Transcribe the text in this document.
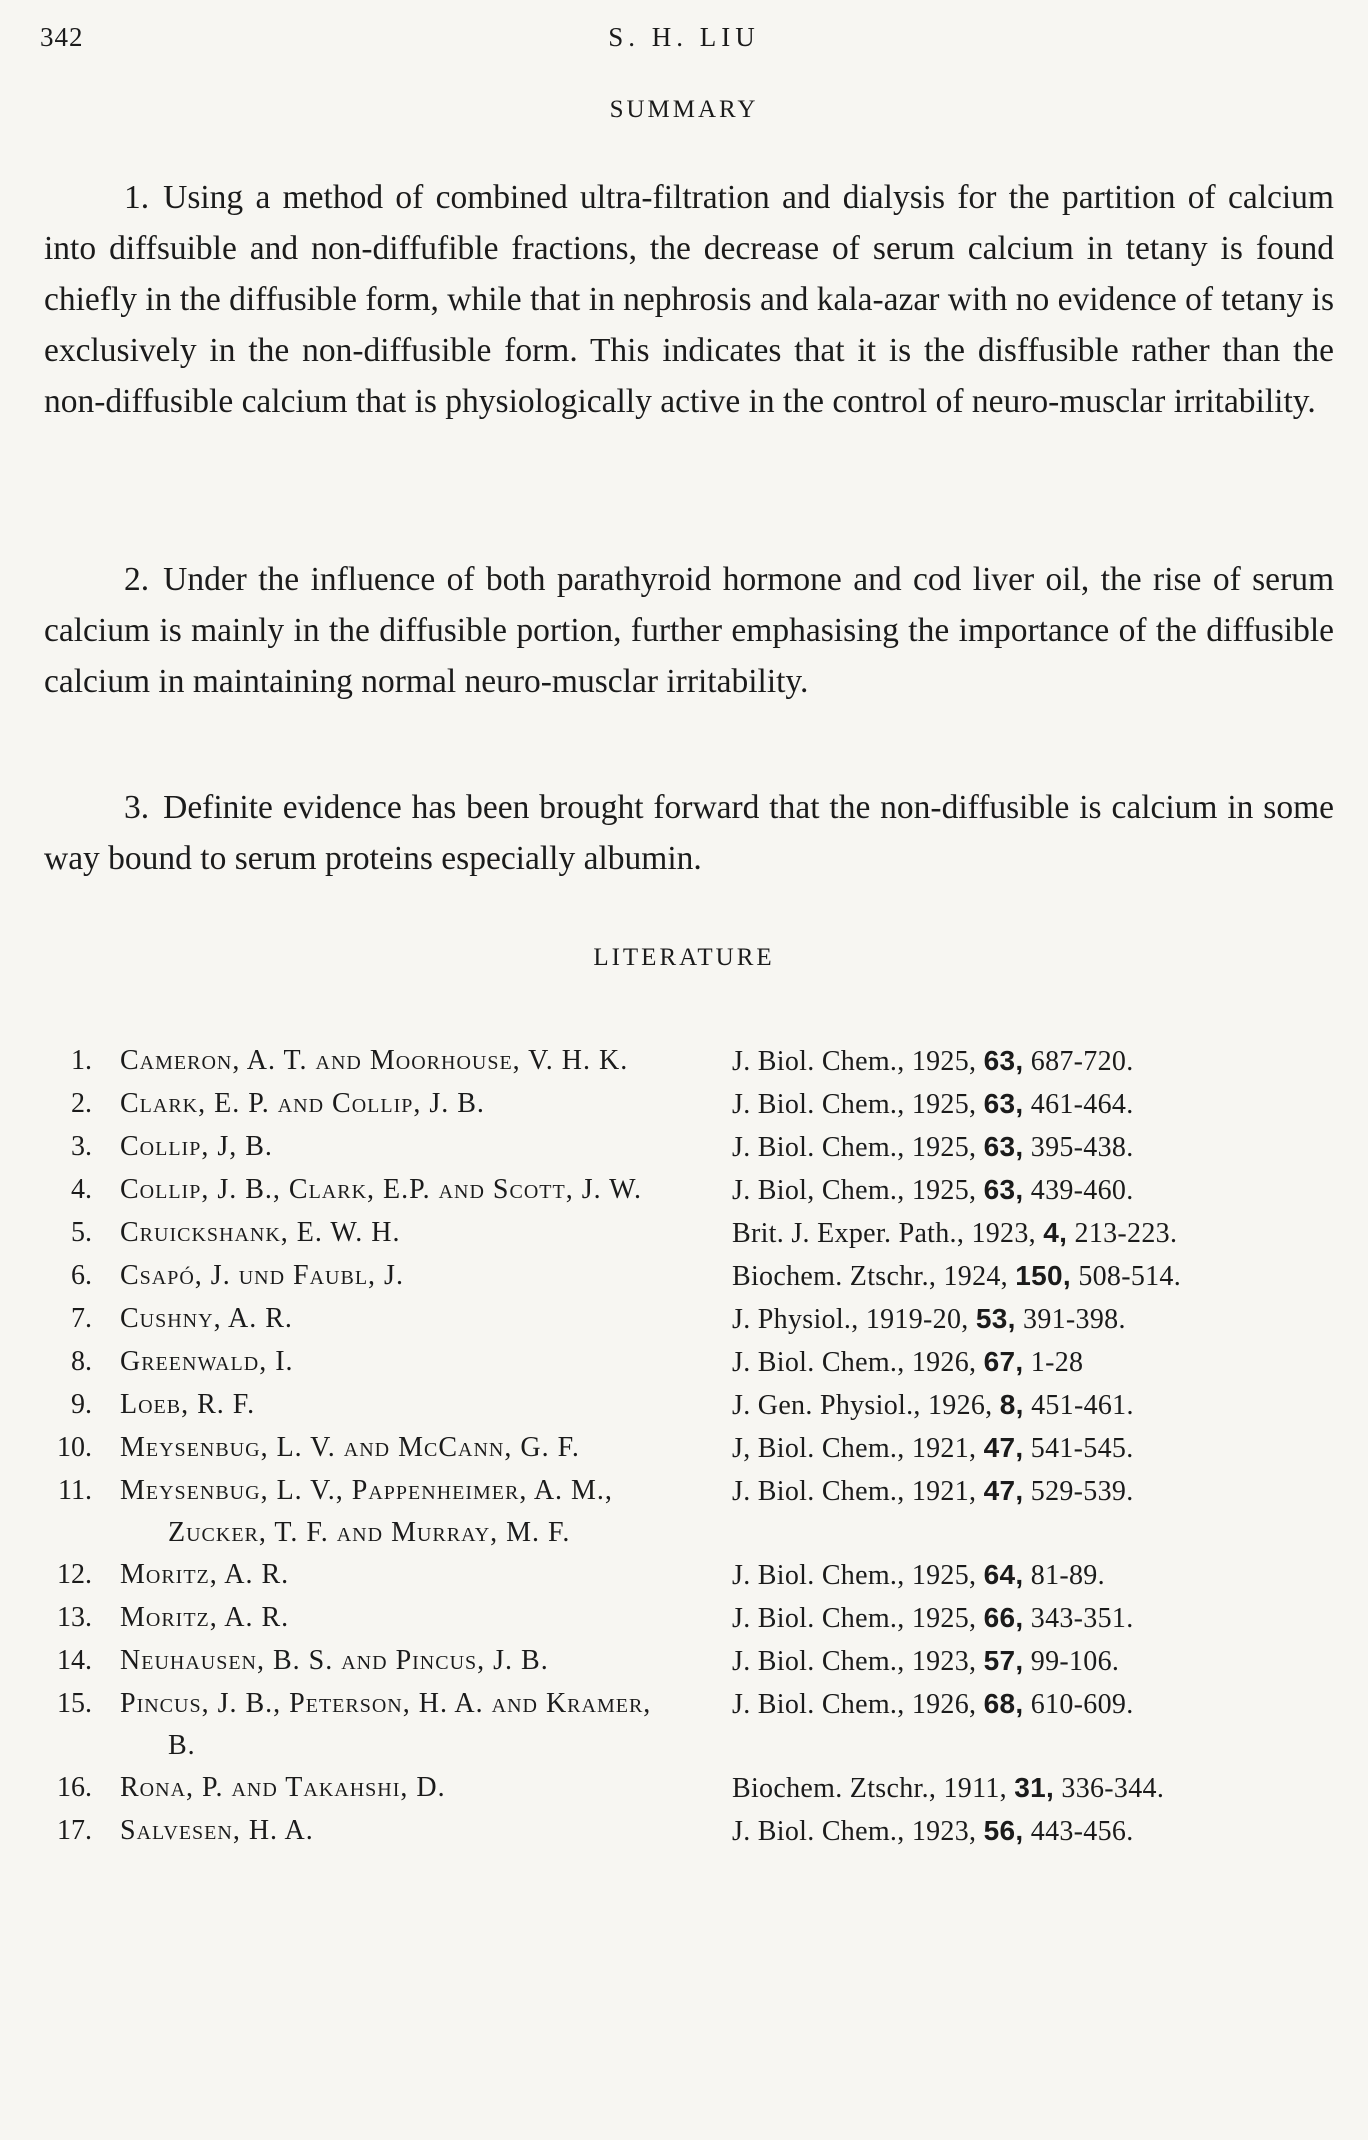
342	S. H. LIU
SUMMARY

1. Using a method of combined ultra-filtration and dialysis for the partition of calcium into diffsuible and non-diffufible fractions, the decrease of serum calcium in tetany is found chiefly in the diffusible form, while that in nephrosis and kala-azar with no evidence of tetany is exclusively in the non-diffusible form. This indicates that it is the disffusible rather than the non-diffusible calcium that is physiologically active in the control of neuro-musclar irritability.

2. Under the influence of both parathyroid hormone and cod liver oil, the rise of serum calcium is mainly in the diffusible portion, further emphasising the importance of the diffusible calcium in maintaining normal neuro-musclar irritability.

3. Definite evidence has been brought forward that the non-diffusible is calcium in some way bound to serum proteins especially albumin.

LITERATURE
1.	Cameron, A. T. and Moorhouse, V. H. K.	J. Biol. Chem., 1925, 63, 687-720.
2.	Clark, E. P. and Collip, J. B.	J. Biol. Chem., 1925, 63, 461-464.
3.	Collip, J, B.	J. Biol. Chem., 1925, 63, 395-438.
4.	Collip, J. B., Clark, E.P. and Scott, J. W.	J. Biol, Chem., 1925, 63, 439-460.
5.	Cruickshank, E. W. H.	Brit. J. Exper. Path., 1923, 4, 213-223.
6.	Csapó, J. und Faubl, J.	Biochem. Ztschr., 1924, 150, 508-514.
7.	Cushny, A. R.	J. Physiol., 1919-20, 53, 391-398.
8.	Greenwald, I.	J. Biol. Chem., 1926, 67, 1-28
9.	Loeb, R. F.	J. Gen. Physiol., 1926, 8, 451-461.
10.	Meysenbug, L. V. and McCann, G. F.	J, Biol. Chem., 1921, 47, 541-545.
11.	Meysenbug, L. V., Pappenheimer, A. M., Zucker, T. F. and Murray, M. F.
J. Biol. Chem., 1921, 47, 529-539.
12.	Moritz, A. R.	J. Biol. Chem., 1925, 64, 81-89.
13.	Moritz, A. R.	J. Biol. Chem., 1925, 66, 343-351.
14.	Neuhausen, B. S. and Pincus, J. B.	J. Biol. Chem., 1923, 57, 99-106.
15.	Pincus, J. B., Peterson, H. A. and Kramer, B.
J. Biol. Chem., 1926, 68, 610-609.
16.	Rona, P. and Takahshi, D.	Biochem. Ztschr., 1911, 31, 336-344.
17.	Salvesen, H. A.	J. Biol. Chem., 1923, 56, 443-456.
